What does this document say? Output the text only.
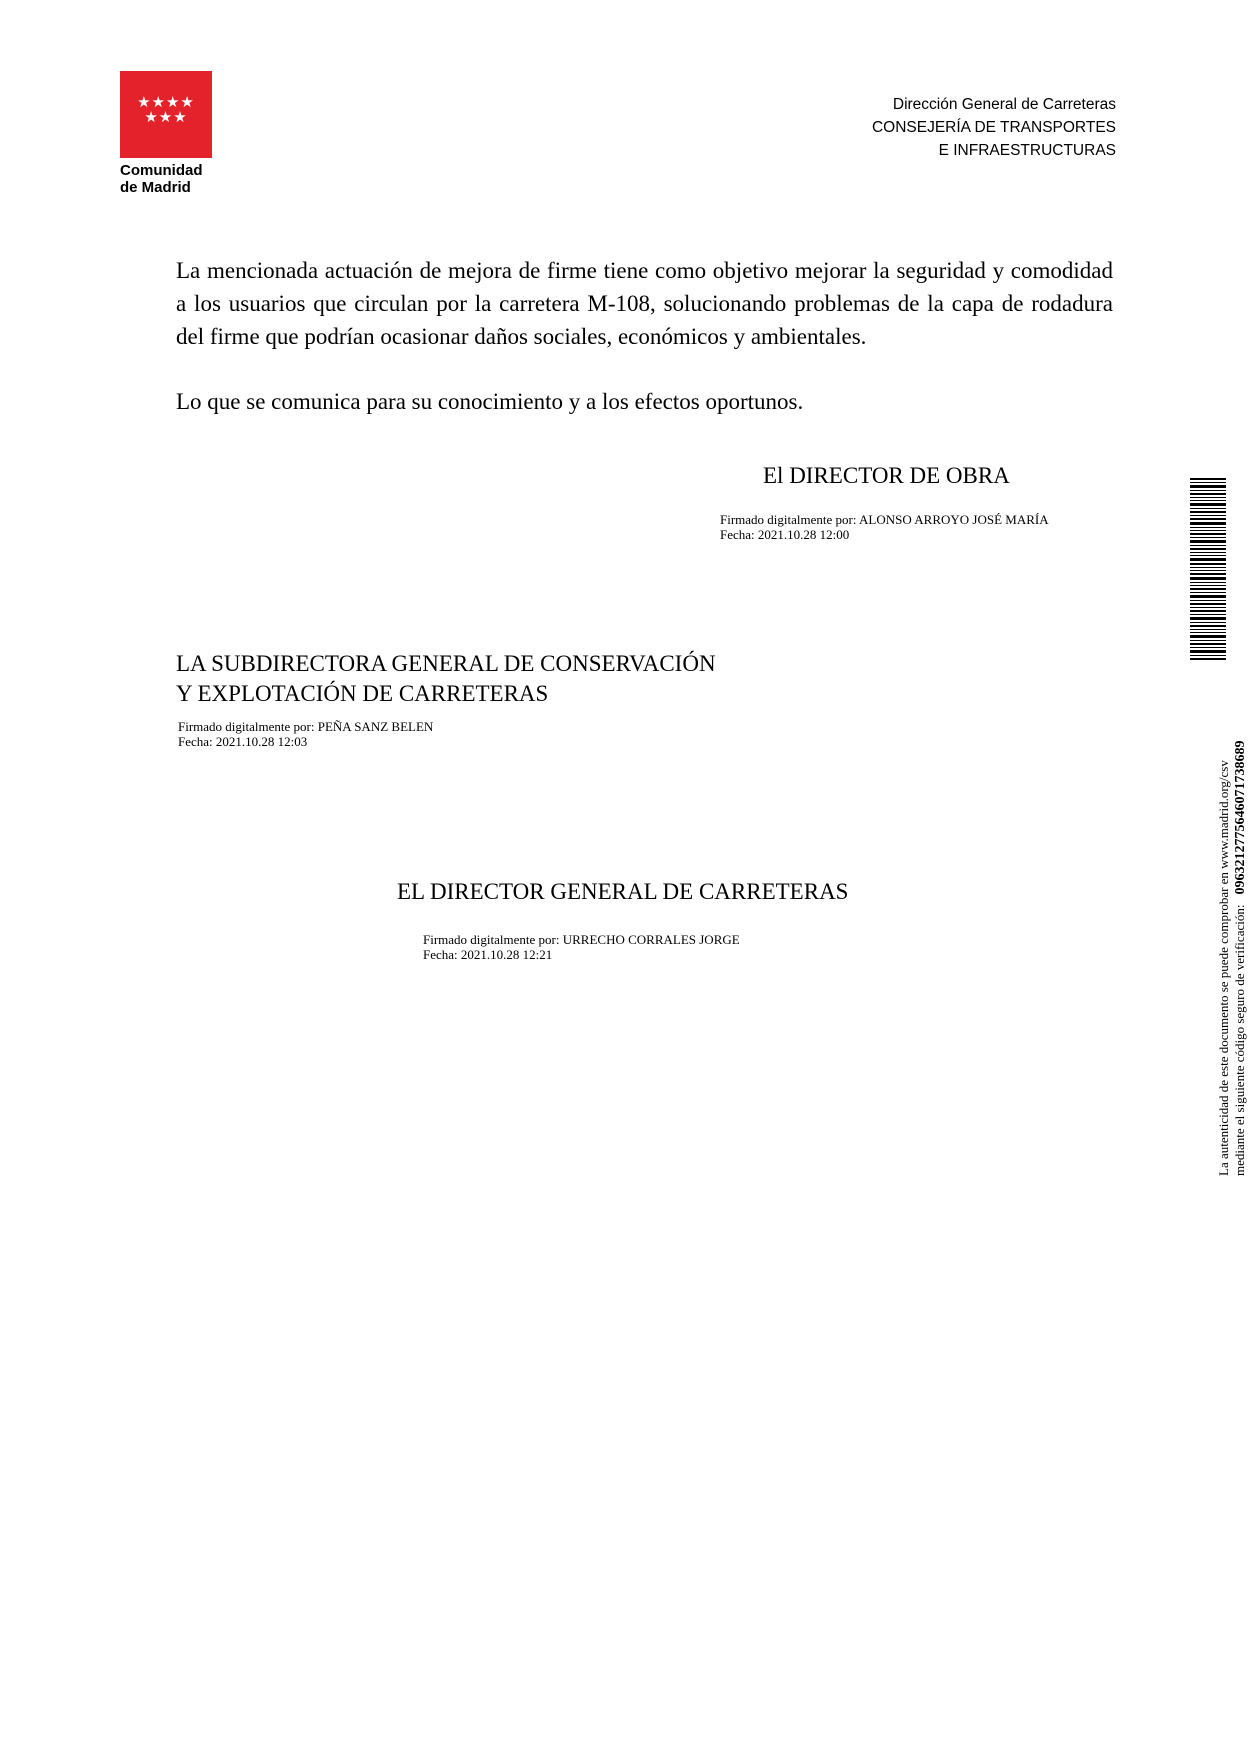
★★★★
★★★
Comunidad
de Madrid
Dirección General de Carreteras
CONSEJERÍA DE TRANSPORTES
E INFRAESTRUCTURAS

La mencionada actuación de mejora de firme tiene como objetivo mejorar la seguridad y comodidad a los usuarios que circulan por la carretera M-108, solucionando problemas de la capa de rodadura del firme que podrían ocasionar daños sociales, económicos y ambientales.

Lo que se comunica para su conocimiento y a los efectos oportunos.

El DIRECTOR DE OBRA
Firmado digitalmente por: ALONSO ARROYO JOSÉ MARÍA
Fecha: 2021.10.28 12:00
LA SUBDIRECTORA GENERAL DE CONSERVACIÓN
Y EXPLOTACIÓN DE CARRETERAS
Firmado digitalmente por: PEÑA SANZ BELEN
Fecha: 2021.10.28 12:03
EL DIRECTOR GENERAL DE CARRETERAS
Firmado digitalmente por: URRECHO CORRALES JORGE
Fecha: 2021.10.28 12:21	La autenticidad de este documento se puede comprobar en www.madrid.org/csv mediante el siguiente código seguro de verificación:0963212775646071738689
